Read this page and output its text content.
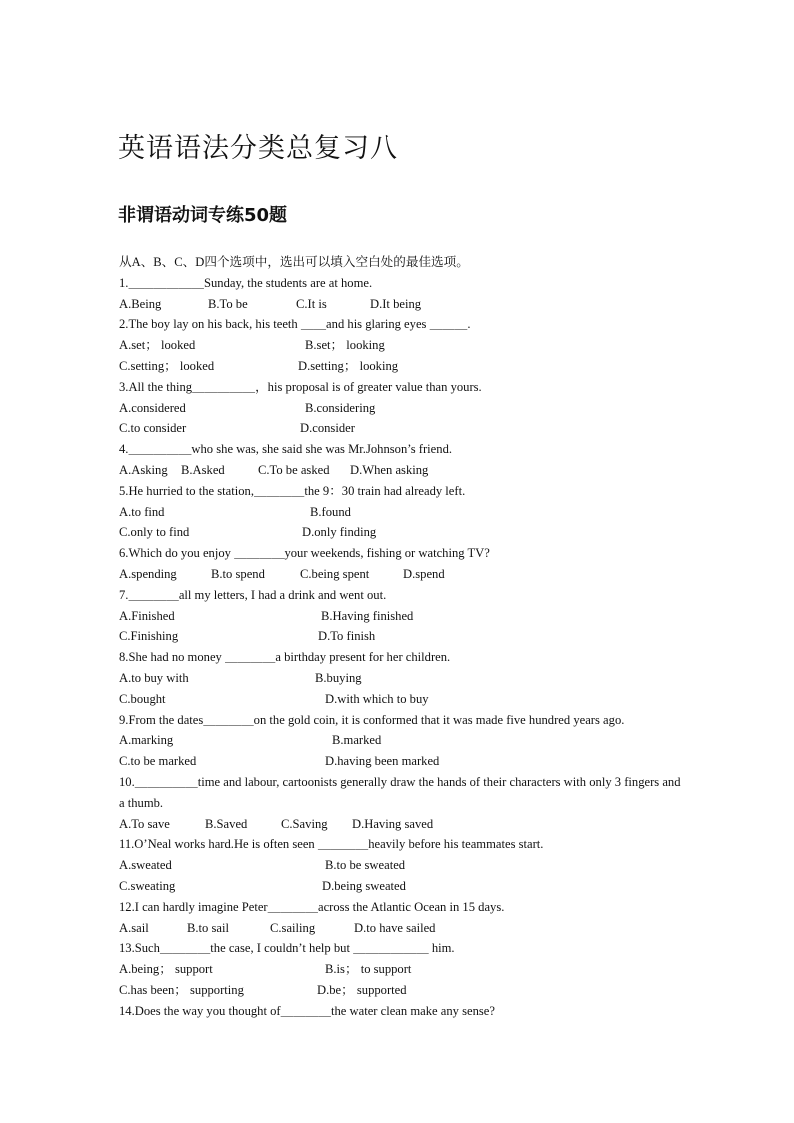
英语语法分类总复习八
非谓语动词专练50题
从A、B、C、D四个选项中，选出可以填入空白处的最佳选项。
1.＿＿＿＿＿＿Sunday, the students are at home.
A.Being	B.To be	C.It is	D.It being
2.The boy lay on his back, his teeth ＿＿and his glaring eyes ＿＿＿.
A.set； looked	B.set； looking
C.setting； looked	D.setting； looking
3.All the thing＿＿＿＿＿，his proposal is of greater value than yours.
A.considered	B.considering
C.to consider	D.consider
4.＿＿＿＿＿who she was, she said she was Mr.Johnson’s friend.
A.Asking B.Asked	C.To be asked D.When asking
5.He hurried to the station,＿＿＿＿the 9：30 train had already left.
A.to find	B.found
C.only to find	D.only finding
6.Which do you enjoy ＿＿＿＿your weekends, fishing or watching TV?
A.spending	B.to spend	C.being spent	D.spend
7.＿＿＿＿all my letters, I had a drink and went out.
A.Finished	B.Having finished
C.Finishing	D.To finish
8.She had no money ＿＿＿＿a birthday present for her children.
A.to buy with	B.buying
C.bought	D.with which to buy
9.From the dates＿＿＿＿on the gold coin, it is conformed that it was made five hundred years ago.
A.marking	B.marked
C.to be marked	D.having been marked
10.＿＿＿＿＿time and labour, cartoonists generally draw the hands of their characters with only 3 fingers and a thumb.
A.To save	B.Saved	C.Saving D.Having saved
11.O’Neal works hard.He is often seen ＿＿＿＿heavily before his teammates start.
A.sweated	B.to be sweated
C.sweating	D.being sweated
12.I can hardly imagine Peter＿＿＿＿across the Atlantic Ocean in 15 days.
A.sail	B.to sail	C.sailing	D.to have sailed
13.Such＿＿＿＿the case, I couldn’t help but ＿＿＿＿＿＿ him.
A.being； support	B.is； to support
C.has been； supporting	D.be； supported
14.Does the way you thought of＿＿＿＿the water clean make any sense?
